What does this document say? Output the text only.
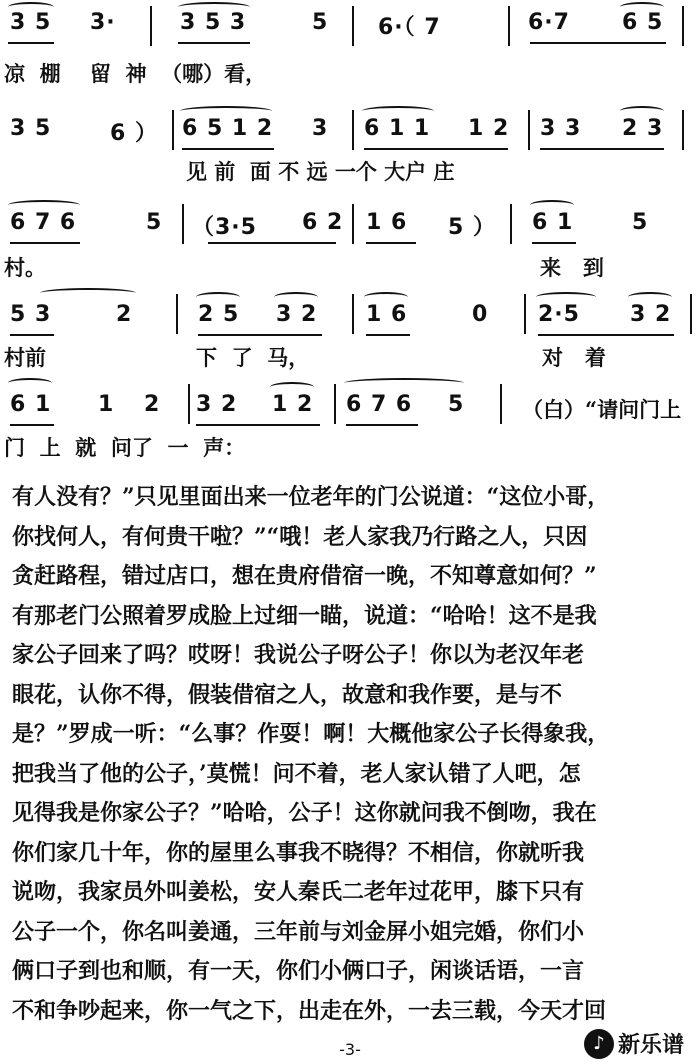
3 5 3·	3 5 3	5 6·（ 7	6·7 6 5
凉  棚    留  神  （哪）看，
3 5	6 ） 6 5 1 2 3 6 1 1 1 2 3 3 2 3
见 前  面 不 远 一个 大户 庄
6 7 6	5 （3·5 6 2 1 6 5 ） 6 1	5
村。	来   到
5 3	2	2 5 3 2 1 6	0 2·5 3 2
村前	下  了  马，	对   着
6 1 1 2 3 2 1 2 6 7 6 5	（白）“请问门上
门  上  就  问了  一  声：
有人没有？”只见里面出来一位老年的门公说道：“这位小哥，
你找何人，有何贵干啦？”“哦！老人家我乃行路之人，只因
贪赶路程，错过店口，想在贵府借宿一晚，不知尊意如何？”
有那老门公照着罗成脸上过细一瞄，说道：“哈哈！这不是我
家公子回来了吗？哎呀！我说公子呀公子！你以为老汉年老
眼花，认你不得，假装借宿之人，故意和我作要，是与不
是？”罗成一听：“么事？作耍！啊！大概他家公子长得象我，
把我当了他的公子，’莫慌！问不着，老人家认错了人吧，怎
见得我是你家公子？”哈哈，公子！这你就问我不倒吻，我在
你们家几十年，你的屋里么事我不晓得？不相信，你就听我
说吻，我家员外叫姜松，安人秦氏二老年过花甲，膝下只有
公子一个，你名叫姜通，三年前与刘金屏小姐完婚，你们小
俩口子到也和顺，有一天，你们小俩口子，闲谈话语，一言
不和争吵起来，你一气之下，出走在外，一去三载，今天才回
-3-	♪ 新乐谱
